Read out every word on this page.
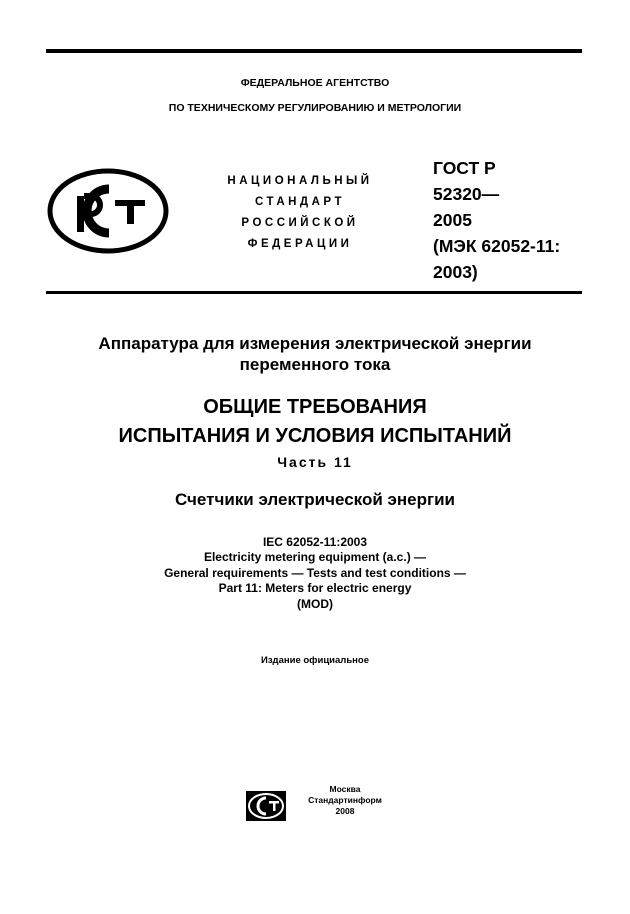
ФЕДЕРАЛЬНОЕ АГЕНТСТВО
ПО ТЕХНИЧЕСКОМУ РЕГУЛИРОВАНИЮ И МЕТРОЛОГИИ
НАЦИОНАЛЬНЫЙ
СТАНДАРТ
РОССИЙСКОЙ
ФЕДЕРАЦИИ
ГОСТ Р
52320—
2005
(МЭК 62052-11:
2003)
Аппаратура для измерения электрической энергии
переменного тока
ОБЩИЕ ТРЕБОВАНИЯ
ИСПЫТАНИЯ И УСЛОВИЯ ИСПЫТАНИЙ
Часть 11
Счетчики электрической энергии
IEC 62052-11:2003
Electricity metering equipment (a.c.) —
General requirements — Tests and test conditions —
Part 11: Meters for electric energy
(MOD)
Издание официальное
Москва
Стандартинформ
2008
